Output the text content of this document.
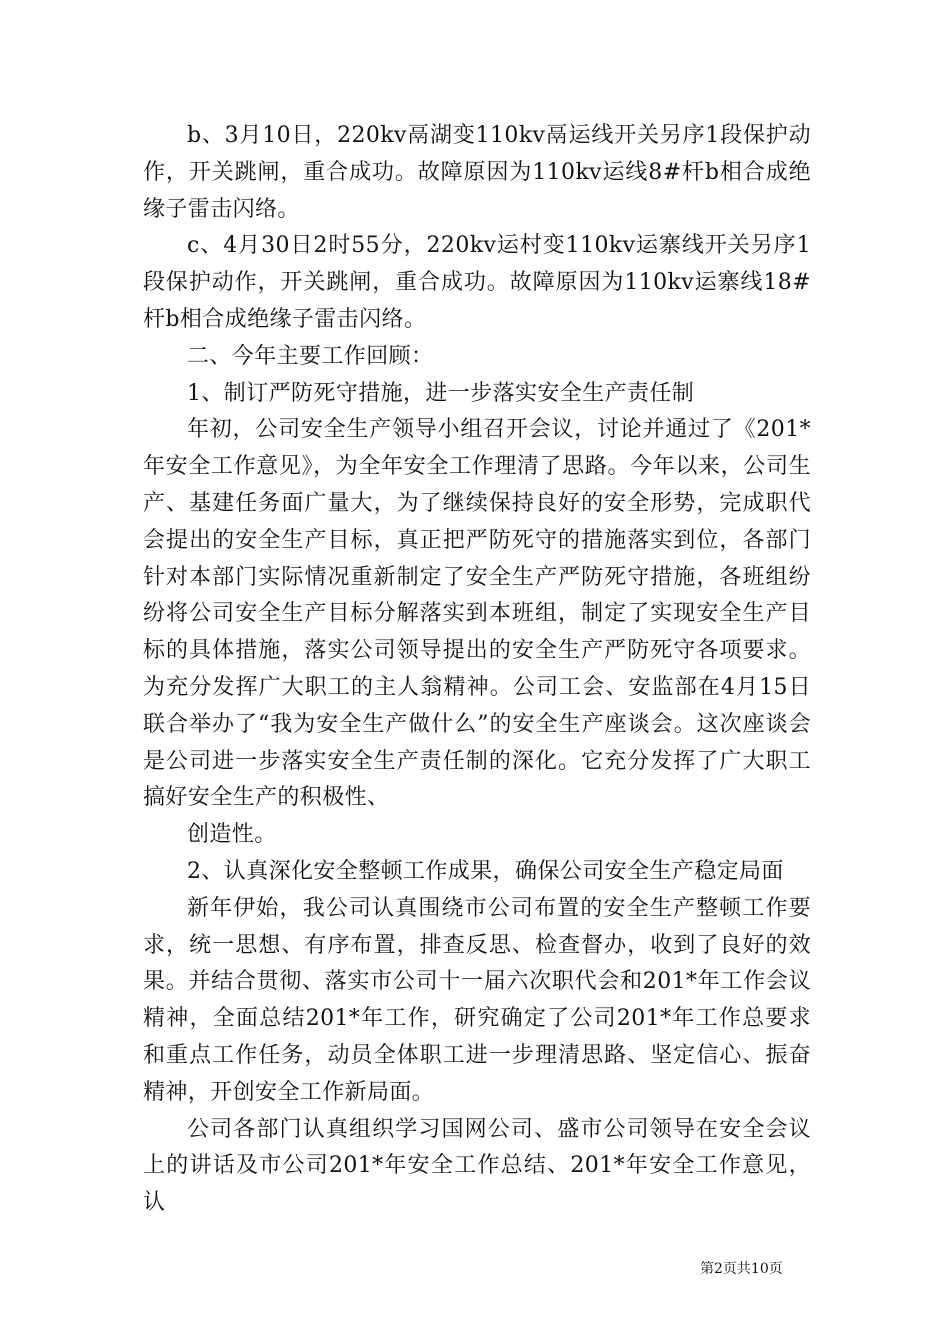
b、3月10日，220kv鬲湖变110kv鬲运线开关另序1段保护动作，开关跳闸，重合成功。故障原因为110kv运线8#杆b相合成绝缘子雷击闪络。

c、4月30日2时55分，220kv运村变110kv运寨线开关另序1段保护动作，开关跳闸，重合成功。故障原因为110kv运寨线18#杆b相合成绝缘子雷击闪络。

二、今年主要工作回顾：

1、制订严防死守措施，进一步落实安全生产责任制

年初，公司安全生产领导小组召开会议，讨论并通过了《201*年安全工作意见》，为全年安全工作理清了思路。今年以来，公司生产、基建任务面广量大，为了继续保持良好的安全形势，完成职代会提出的安全生产目标，真正把严防死守的措施落实到位，各部门针对本部门实际情况重新制定了安全生产严防死守措施，各班组纷纷将公司安全生产目标分解落实到本班组，制定了实现安全生产目标的具体措施，落实公司领导提出的安全生产严防死守各项要求。为充分发挥广大职工的主人翁精神。公司工会、安监部在4月15日联合举办了“我为安全生产做什么”的安全生产座谈会。这次座谈会是公司进一步落实安全生产责任制的深化。它充分发挥了广大职工搞好安全生产的积极性、

创造性。

2、认真深化安全整顿工作成果，确保公司安全生产稳定局面

新年伊始，我公司认真围绕市公司布置的安全生产整顿工作要求，统一思想、有序布置，排查反思、检查督办，收到了良好的效果。并结合贯彻、落实市公司十一届六次职代会和201*年工作会议精神，全面总结201*年工作，研究确定了公司201*年工作总要求和重点工作任务，动员全体职工进一步理清思路、坚定信心、振奋精神，开创安全工作新局面。

公司各部门认真组织学习国网公司、盛市公司领导在安全会议上的讲话及市公司201*年安全工作总结、201*年安全工作意见，认

第2页共10页
